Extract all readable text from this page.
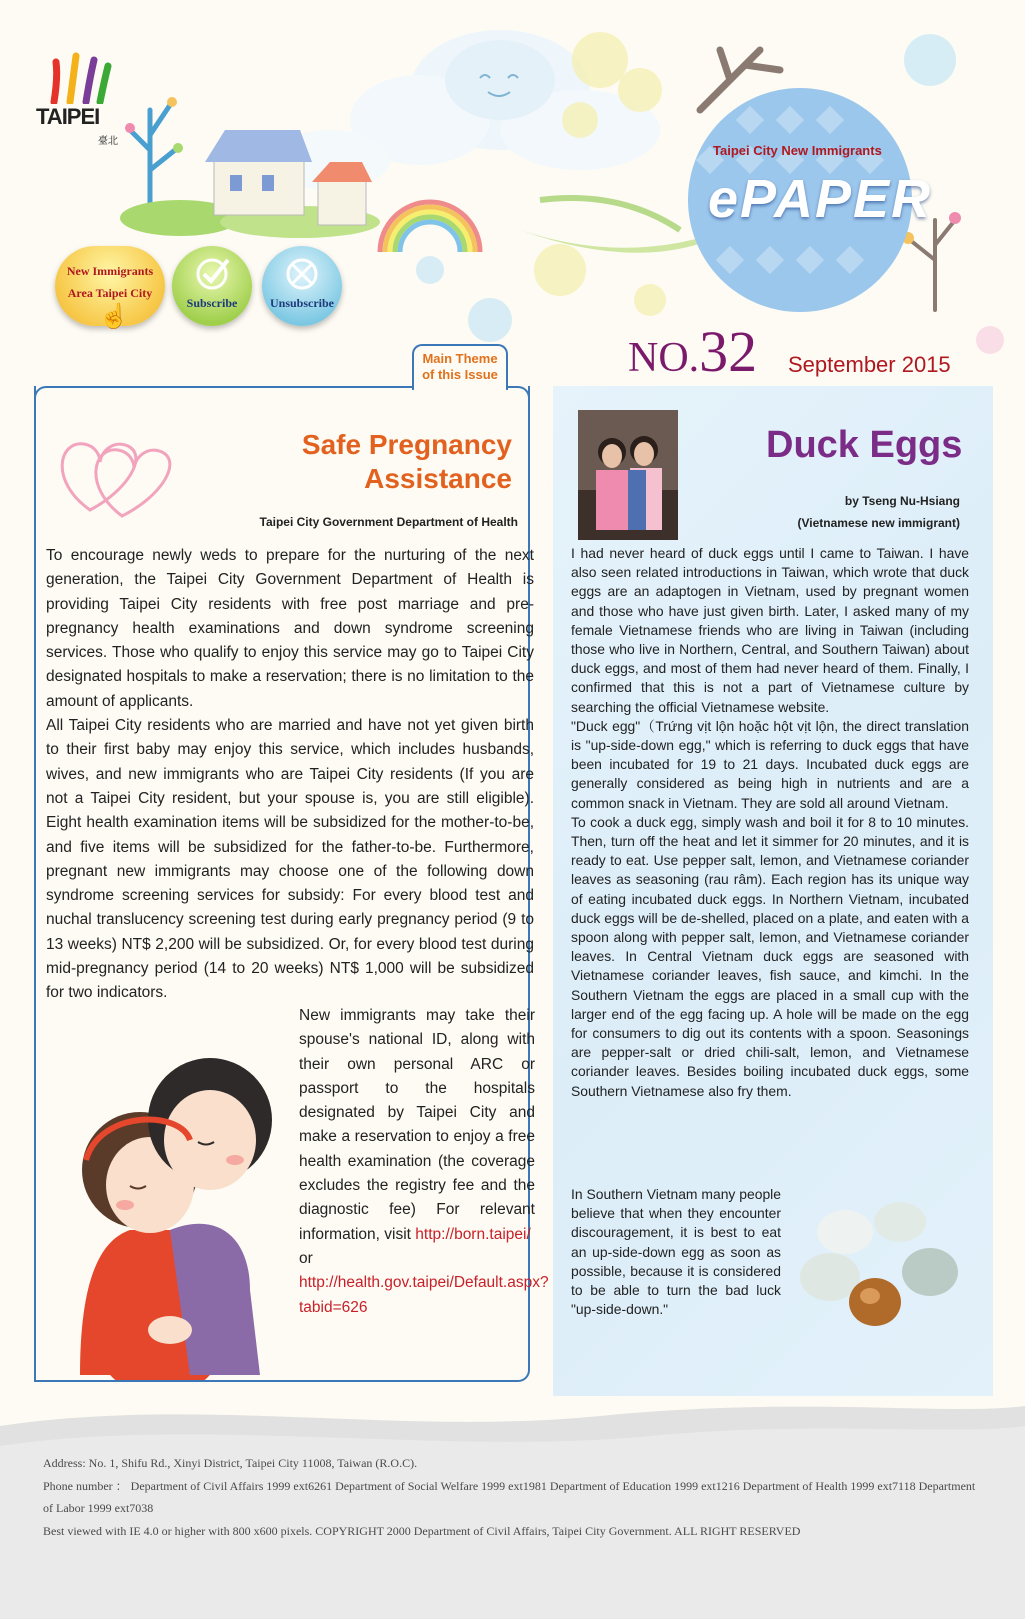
TAIPEI
臺北
Taipei City New Immigrants
ePAPER
New Immigrants
Area Taipei City
☝
Subscribe	Unsubscribe
NO.32 September 2015
Main Theme
of this Issue
Safe Pregnancy Assistance
Taipei City Government Department of Health

To encourage newly weds to prepare for the nurturing of the next generation, the Taipei City Government Department of Health is providing Taipei City residents with free post marriage and pre-pregnancy health examinations and down syndrome screening services. Those who qualify to enjoy this service may go to Taipei City designated hospitals to make a reservation; there is no limitation to the amount of applicants.

All Taipei City residents who are married and have not yet given birth to their first baby may enjoy this service, which includes husbands, wives, and new immigrants who are Taipei City residents (If you are not a Taipei City resident, but your spouse is, you are still eligible). Eight health examination items will be subsidized for the mother-to-be, and five items will be subsidized for the father-to-be. Furthermore, pregnant new immigrants may choose one of the following down syndrome screening services for subsidy: For every blood test and nuchal translucency screening test during early pregnancy period (9 to 13 weeks) NT$ 2,200 will be subsidized. Or, for every blood test during mid-pregnancy period (14 to 20 weeks) NT$ 1,000 will be subsidized for two indicators.

New immigrants may take their spouse's national ID, along with their own personal ARC or passport to the hospitals designated by Taipei City and make a reservation to enjoy a free health examination (the coverage excludes the registry fee and the diagnostic fee) For relevant information, visit http://born.taipei/
or http://health.gov.taipei/Default.aspx?tabid=626
Duck Eggs
by Tseng Nu-Hsiang
(Vietnamese new immigrant)

I had never heard of duck eggs until I came to Taiwan. I have also seen related introductions in Taiwan, which wrote that duck eggs are an adaptogen in Vietnam, used by pregnant women and those who have just given birth. Later, I asked many of my female Vietnamese friends who are living in Taiwan (including those who live in Northern, Central, and Southern Taiwan) about duck eggs, and most of them had never heard of them. Finally, I confirmed that this is not a part of Vietnamese culture by searching the official Vietnamese website.

"Duck egg"（Trứng vịt lộn hoặc hột vịt lộn, the direct translation is "up-side-down egg," which is referring to duck eggs that have been incubated for 19 to 21 days. Incubated duck eggs are generally considered as being high in nutrients and are a common snack in Vietnam. They are sold all around Vietnam.

To cook a duck egg, simply wash and boil it for 8 to 10 minutes. Then, turn off the heat and let it simmer for 20 minutes, and it is ready to eat. Use pepper salt, lemon, and Vietnamese coriander leaves as seasoning (rau râm). Each region has its unique way of eating incubated duck eggs. In Northern Vietnam, incubated duck eggs will be de-shelled, placed on a plate, and eaten with a spoon along with pepper salt, lemon, and Vietnamese coriander leaves. In Central Vietnam duck eggs are seasoned with Vietnamese coriander leaves, fish sauce, and kimchi. In the Southern Vietnam the eggs are placed in a small cup with the larger end of the egg facing up. A hole will be made on the egg for consumers to dig out its contents with a spoon. Seasonings are pepper-salt or dried chili-salt, lemon, and Vietnamese coriander leaves. Besides boiling incubated duck eggs, some Southern Vietnamese also fry them.

In Southern Vietnam many people believe that when they encounter discouragement, it is best to eat an up-side-down egg as soon as possible, because it is considered to be able to turn the bad luck "up-side-down."

Address: No. 1, Shifu Rd., Xinyi District, Taipei City 11008, Taiwan (R.O.C).

Phone number ： Department of Civil Affairs 1999 ext6261 Department of Social Welfare 1999 ext1981 Department of Education 1999 ext1216 Department of Health 1999 ext7118 Department of Labor 1999 ext7038

Best viewed with IE 4.0 or higher with 800 x600 pixels. COPYRIGHT 2000 Department of Civil Affairs, Taipei City Government. ALL RIGHT RESERVED
